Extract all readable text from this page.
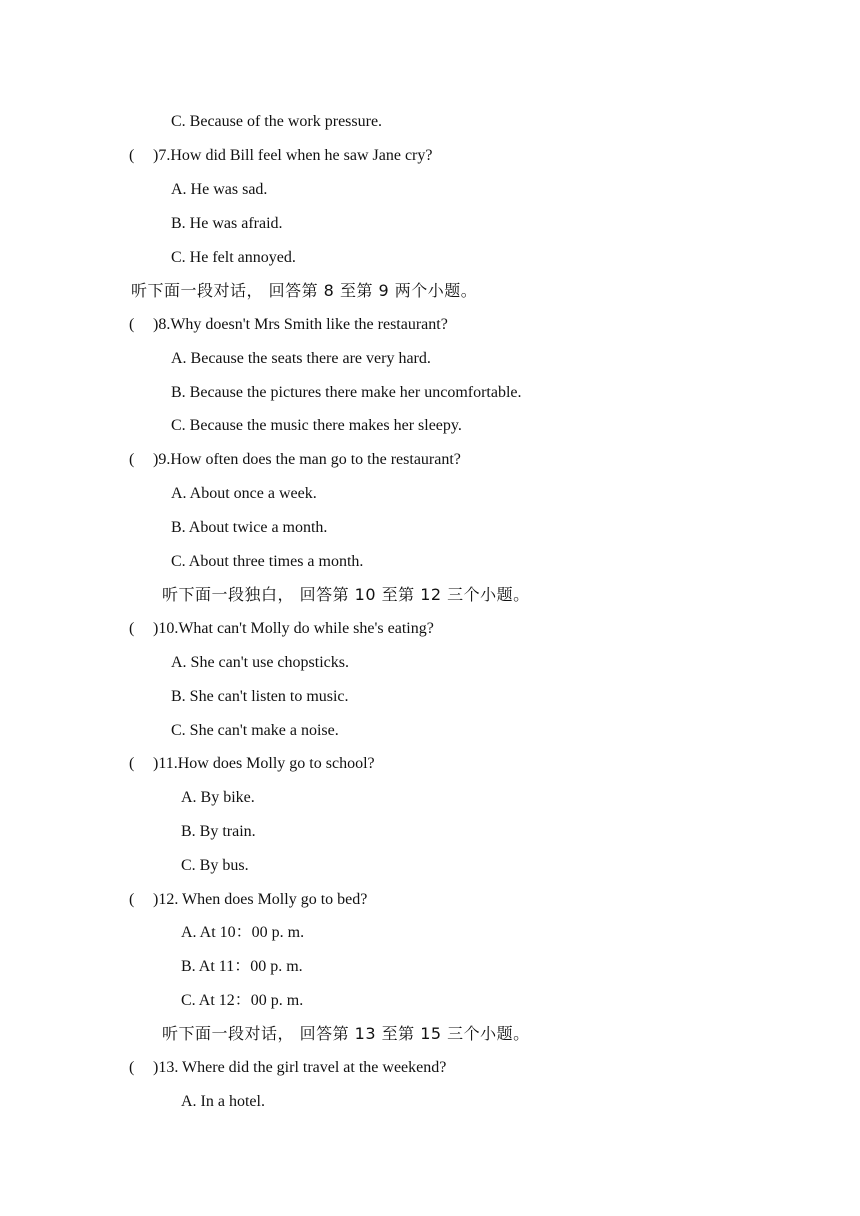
C. Because of the work pressure.
( )7.How did Bill feel when he saw Jane cry?
A. He was sad.
B. He was afraid.
C. He felt annoyed.
听下面一段对话， 回答第 8 至第 9 两个小题。
( )8.Why doesn't Mrs Smith like the restaurant?
A. Because the seats there are very hard.
B. Because the pictures there make her uncomfortable.
C. Because the music there makes her sleepy.
( )9.How often does the man go to the restaurant?
A. About once a week.
B. About twice a month.
C. About three times a month.
听下面一段独白， 回答第 10 至第 12 三个小题。
( )10.What can't Molly do while she's eating?
A. She can't use chopsticks.
B. She can't listen to music.
C. She can't make a noise.
( )11.How does Molly go to school?
A. By bike.
B. By train.
C. By bus.
( )12. When does Molly go to bed?
A. At 10：00 p. m.
B. At 11：00 p. m.
C. At 12：00 p. m.
听下面一段对话， 回答第 13 至第 15 三个小题。
( )13. Where did the girl travel at the weekend?
A. In a hotel.
